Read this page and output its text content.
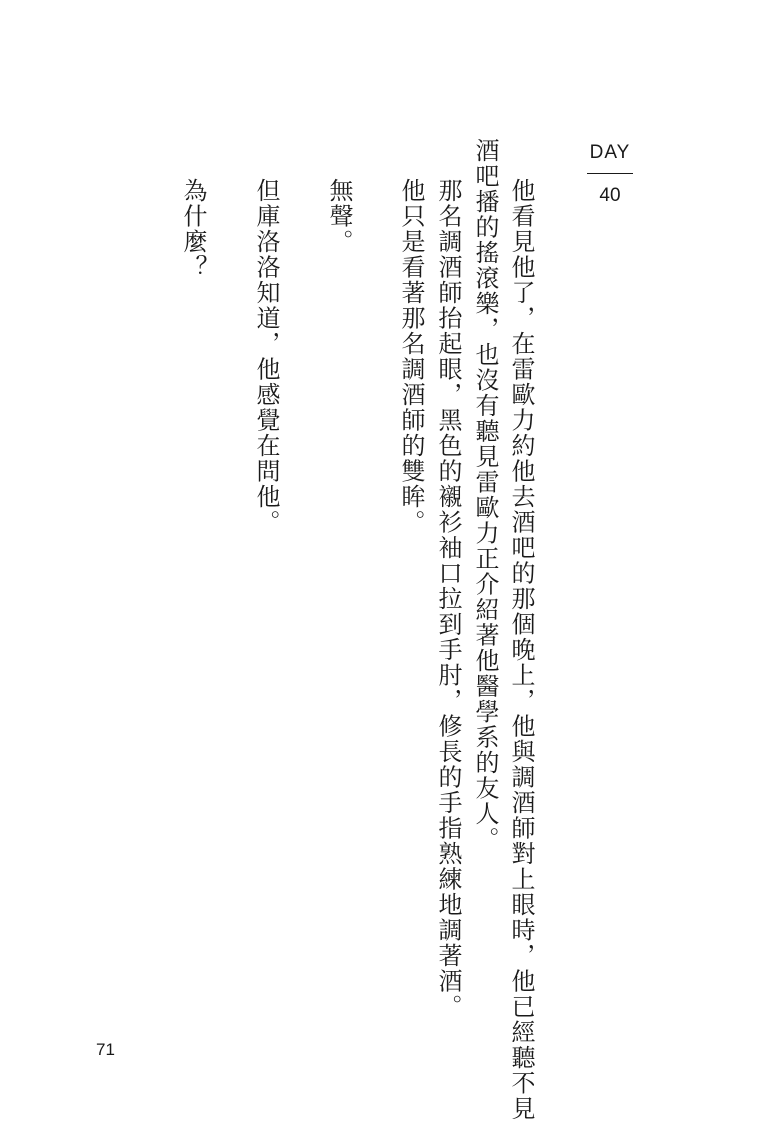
DAY
40
他看見他了，在雷歐力約他去酒吧的那個晚上，他與調酒師對上眼時，他已經聽不見
酒吧播的搖滾樂，也沒有聽見雷歐力正介紹著他醫學系的友人。
那名調酒師抬起眼，黑色的襯衫袖口拉到手肘，修長的手指熟練地調著酒。
他只是看著那名調酒師的雙眸。
無聲。
但庫洛洛知道，他感覺在問他。
為什麼？
71
